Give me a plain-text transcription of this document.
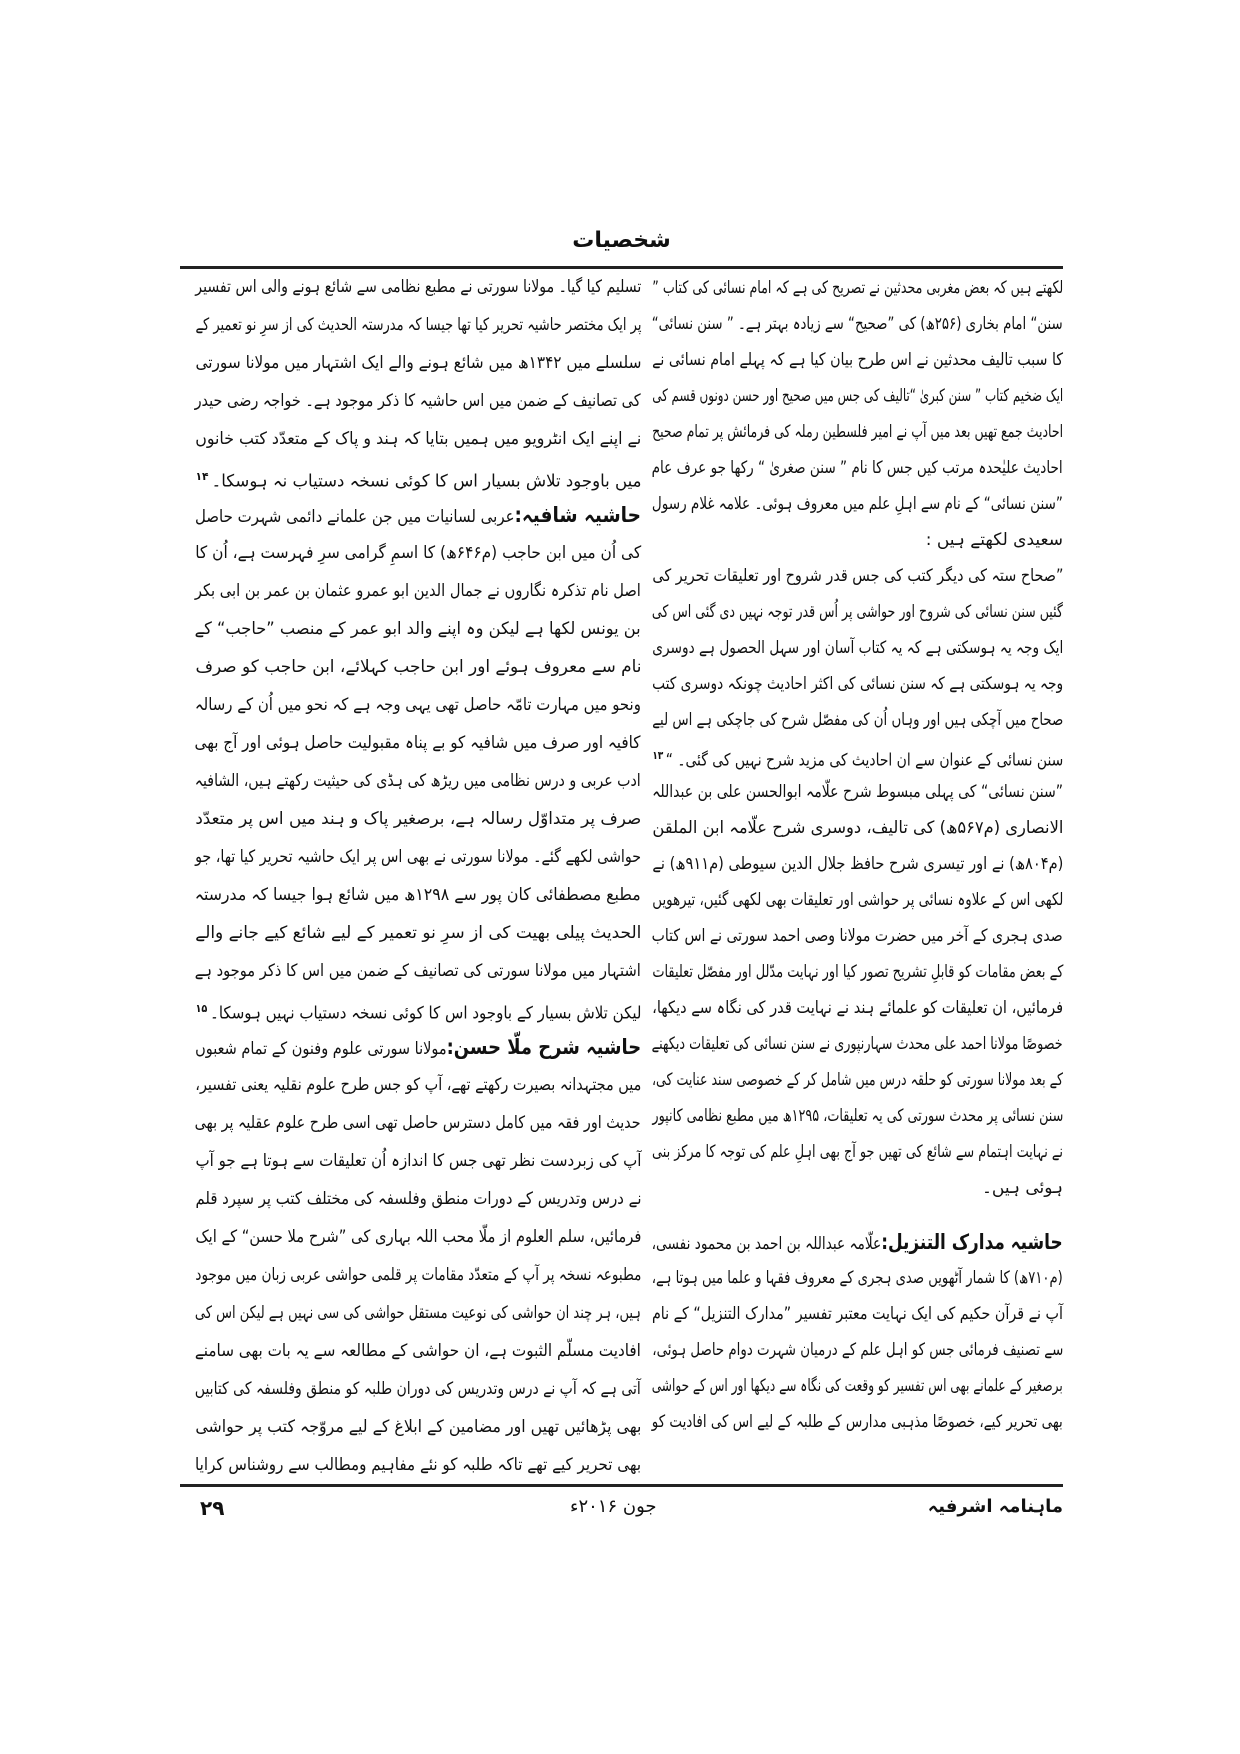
شخصیات
لکھتے ہیں کہ بعض مغربی محدثین نے تصریح کی ہے کہ امام نسائی کی کتاب ”
سنن“ امام بخاری (۲۵۶ھ) کی ”صحیح“ سے زیادہ بہتر ہے۔ ” سنن نسائی“
کا سبب تالیف محدثین نے اس طرح بیان کیا ہے کہ پہلے امام نسائی نے
ایک ضخیم کتاب ” سنن کبریٰ “تالیف کی جس میں صحیح اور حسن دونوں قسم کی
احادیث جمع تھیں بعد میں آپ نے امیر فلسطین رملہ کی فرمائش پر تمام صحیح
احادیث علیٰحدہ مرتب کیں جس کا نام ” سنن صغریٰ “ رکھا جو عرف عام
”سنن نسائی“ کے نام سے اہلِ علم میں معروف ہوئی۔ علامہ غلام رسول
سعیدی لکھتے ہیں :
”صحاح ستہ کی دیگر کتب کی جس قدر شروح اور تعلیقات تحریر کی
گئیں سنن نسائی کی شروح اور حواشی پر اُس قدر توجہ نہیں دی گئی اس کی
ایک وجہ یہ ہوسکتی ہے کہ یہ کتاب آسان اور سہل الحصول ہے دوسری
وجہ یہ ہوسکتی ہے کہ سنن نسائی کی اکثر احادیث چونکہ دوسری کتب
صحاح میں آچکی ہیں اور وہاں اُن کی مفصّل شرح کی جاچکی ہے اس لیے
سنن نسائی کے عنوان سے ان احادیث کی مزید شرح نہیں کی گئی۔ “$^{۱۳}$
”سنن نسائی“ کی پہلی مبسوط شرح علّامہ ابوالحسن علی بن عبداللہ
الانصاری (م۵۶۷ھ) کی تالیف، دوسری شرح علّامہ ابن الملقن
(م۸۰۴ھ) نے اور تیسری شرح حافظ جلال الدین سیوطی (م۹۱۱ھ) نے
لکھی اس کے علاوہ نسائی پر حواشی اور تعلیقات بھی لکھی گئیں، تیرھویں
صدی ہجری کے آخر میں حضرت مولانا وصی احمد سورتی نے اس کتاب
کے بعض مقامات کو قابلِ تشریح تصور کیا اور نہایت مدّلل اور مفصّل تعلیقات
فرمائیں، ان تعلیقات کو علمائے ہند نے نہایت قدر کی نگاہ سے دیکھا،
خصوصًا مولانا احمد علی محدث سہارنپوری نے سنن نسائی کی تعلیقات دیکھنے
کے بعد مولانا سورتی کو حلقہ درس میں شامل کر کے خصوصی سند عنایت کی،
سنن نسائی پر محدث سورتی کی یہ تعلیقات، ۱۲۹۵ھ میں مطبع نظامی کانپور
نے نہایت اہتمام سے شائع کی تھیں جو آج بھی اہلِ علم کی توجہ کا مرکز بنی
ہوئی ہیں۔
حاشیہ مدارک التنزیل:علّامہ عبداللہ بن احمد بن محمود نفسی،
(م۷۱۰ھ) کا شمار آٹھویں صدی ہجری کے معروف فقہا و علما میں ہوتا ہے،
آپ نے قرآن حکیم کی ایک نہایت معتبر تفسیر ”مدارک التنزیل“ کے نام
سے تصنیف فرمائی جس کو اہل علم کے درمیان شہرت دوام حاصل ہوئی،
برصغیر کے علمانے بھی اس تفسیر کو وقعت کی نگاہ سے دیکھا اور اس کے حواشی
بھی تحریر کیے، خصوصًا مذہبی مدارس کے طلبہ کے لیے اس کی افادیت کو
تسلیم کیا گیا۔ مولانا سورتی نے مطبع نظامی سے شائع ہونے والی اس تفسیر
پر ایک مختصر حاشیہ تحریر کیا تھا جیسا کہ مدرستہ الحدیث کی از سرِ نو تعمیر کے
سلسلے میں ۱۳۴۲ھ میں شائع ہونے والے ایک اشتہار میں مولانا سورتی
کی تصانیف کے ضمن میں اس حاشیہ کا ذکر موجود ہے۔ خواجہ رضی حیدر
نے اپنے ایک انٹرویو میں ہمیں بتایا کہ ہند و پاک کے متعدّد کتب خانوں
میں باوجود تلاش بسیار اس کا کوئی نسخہ دستیاب نہ ہوسکا۔$^{۱۴}$
حاشیہ شافیہ:عربی لسانیات میں جن علمانے دائمی شہرت حاصل
کی اُن میں ابن حاجب (م۶۴۶ھ) کا اسمِ گرامی سرِ فہرست ہے، اُن کا
اصل نام تذکرہ نگاروں نے جمال الدین ابو عمرو عثمان بن عمر بن ابی بکر
بن یونس لکھا ہے لیکن وہ اپنے والد ابو عمر کے منصب ”حاجب“ کے
نام سے معروف ہوئے اور ابن حاجب کہلائے، ابن حاجب کو صرف
ونحو میں مہارت تامّہ حاصل تھی یہی وجہ ہے کہ نحو میں اُن کے رسالہ
کافیہ اور صرف میں شافیہ کو بے پناہ مقبولیت حاصل ہوئی اور آج بھی
ادب عربی و درس نظامی میں ریڑھ کی ہڈی کی حیثیت رکھتے ہیں، الشافیہ
صرف پر متداوّل رسالہ ہے، برصغیر پاک و ہند میں اس پر متعدّد
حواشی لکھے گئے۔ مولانا سورتی نے بھی اس پر ایک حاشیہ تحریر کیا تھا، جو
مطبع مصطفائی کان پور سے ۱۲۹۸ھ میں شائع ہوا جیسا کہ مدرستہ
الحدیث پیلی بھیت کی از سرِ نو تعمیر کے لیے شائع کیے جانے والے
اشتہار میں مولانا سورتی کی تصانیف کے ضمن میں اس کا ذکر موجود ہے
لیکن تلاش بسیار کے باوجود اس کا کوئی نسخہ دستیاب نہیں ہوسکا۔$^{۱۵}$
حاشیہ شرح ملّا حسن:مولانا سورتی علوم وفنون کے تمام شعبوں
میں مجتہدانہ بصیرت رکھتے تھے، آپ کو جس طرح علوم نقلیہ یعنی تفسیر،
حدیث اور فقہ میں کامل دسترس حاصل تھی اسی طرح علوم عقلیہ پر بھی
آپ کی زبردست نظر تھی جس کا اندازہ اُن تعلیقات سے ہوتا ہے جو آپ
نے درس وتدریس کے دورات منطق وفلسفہ کی مختلف کتب پر سپرد قلم
فرمائیں، سلم العلوم از ملّا محب اللہ بہاری کی ”شرح ملا حسن“ کے ایک
مطبوعہ نسخہ پر آپ کے متعدّد مقامات پر قلمی حواشی عربی زبان میں موجود
ہیں، ہر چند ان حواشی کی نوعیت مستقل حواشی کی سی نہیں ہے لیکن اس کی
افادیت مسلّم الثبوت ہے، ان حواشی کے مطالعہ سے یہ بات بھی سامنے
آتی ہے کہ آپ نے درس وتدریس کی دوران طلبہ کو منطق وفلسفہ کی کتابیں
بھی پڑھائیں تھیں اور مضامین کے ابلاغ کے لیے مروّجہ کتب پر حواشی
بھی تحریر کیے تھے تاکہ طلبہ کو نئے مفاہیم ومطالب سے روشناس کرایا
ماہنامہ اشرفیہ
جون ۲۰۱۶ء
۲۹
